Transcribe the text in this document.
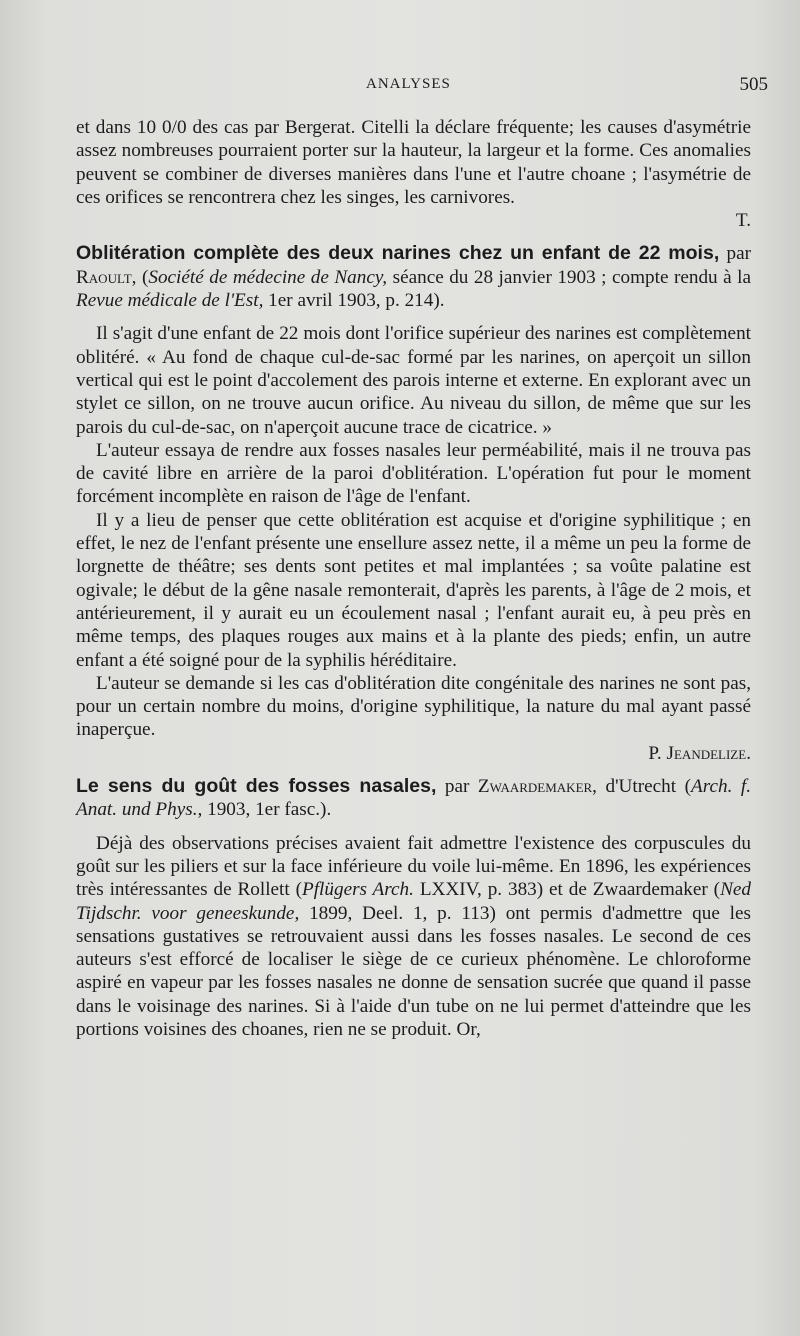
ANALYSES	505

et dans 10 0/0 des cas par Bergerat. Citelli la déclare fréquente; les causes d'asymétrie assez nombreuses pourraient porter sur la hauteur, la largeur et la forme. Ces anomalies peuvent se combiner de diverses manières dans l'une et l'autre choane ; l'asymétrie de ces orifices se rencontrera chez les singes, les carnivores.

T.

Oblitération complète des deux narines chez un enfant de 22 mois, par Raoult, (Société de médecine de Nancy, séance du 28 janvier 1903 ; compte rendu à la Revue médicale de l'Est, 1er avril 1903, p. 214).

Il s'agit d'une enfant de 22 mois dont l'orifice supérieur des narines est complètement oblitéré. « Au fond de chaque cul-de-sac formé par les narines, on aperçoit un sillon vertical qui est le point d'accolement des parois interne et externe. En explorant avec un stylet ce sillon, on ne trouve aucun orifice. Au niveau du sillon, de même que sur les parois du cul-de-sac, on n'aperçoit aucune trace de cicatrice. »

L'auteur essaya de rendre aux fosses nasales leur perméabilité, mais il ne trouva pas de cavité libre en arrière de la paroi d'oblitération. L'opération fut pour le moment forcément incomplète en raison de l'âge de l'enfant.

Il y a lieu de penser que cette oblitération est acquise et d'origine syphilitique ; en effet, le nez de l'enfant présente une ensellure assez nette, il a même un peu la forme de lorgnette de théâtre; ses dents sont petites et mal implantées ; sa voûte palatine est ogivale; le début de la gêne nasale remonterait, d'après les parents, à l'âge de 2 mois, et antérieurement, il y aurait eu un écoulement nasal ; l'enfant aurait eu, à peu près en même temps, des plaques rouges aux mains et à la plante des pieds; enfin, un autre enfant a été soigné pour de la syphilis héréditaire.

L'auteur se demande si les cas d'oblitération dite congénitale des narines ne sont pas, pour un certain nombre du moins, d'origine syphilitique, la nature du mal ayant passé inaperçue.

P. Jeandelize.

Le sens du goût des fosses nasales, par Zwaardemaker, d'Utrecht (Arch. f. Anat. und Phys., 1903, 1er fasc.).

Déjà des observations précises avaient fait admettre l'existence des corpuscules du goût sur les piliers et sur la face inférieure du voile lui-même. En 1896, les expériences très intéressantes de Rollett (Pflügers Arch. LXXIV, p. 383) et de Zwaardemaker (Ned Tijdschr. voor geneeskunde, 1899, Deel. 1, p. 113) ont permis d'admettre que les sensations gustatives se retrouvaient aussi dans les fosses nasales. Le second de ces auteurs s'est efforcé de localiser le siège de ce curieux phénomène. Le chloroforme aspiré en vapeur par les fosses nasales ne donne de sensation sucrée que quand il passe dans le voisinage des narines. Si à l'aide d'un tube on ne lui permet d'atteindre que les portions voisines des choanes, rien ne se produit. Or,
